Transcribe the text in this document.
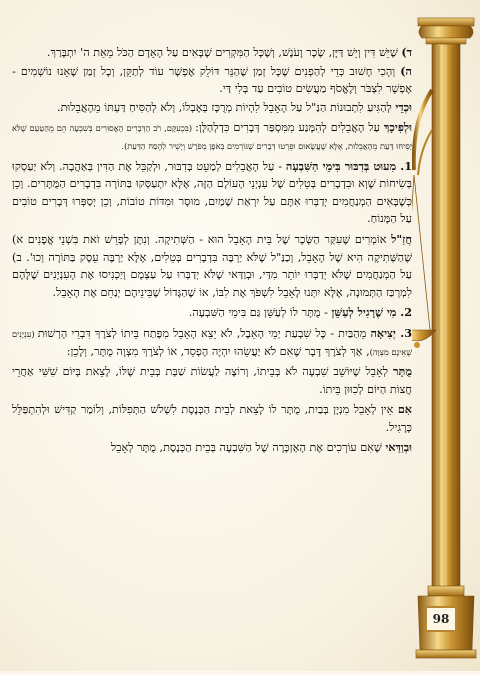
ד) שֶׁיֵּשׁ דִּין וְיֵשׁ דַּיָּן, שָׂכָר וָעֹנֶשׁ, וְשֶׁכָּל הַמִּקְרִים שֶׁבָּאִים עַל הָאָדָם הַכֹּל מֵאֵת ה' יִתְבָּרַךְ.

ה) וְהָכִי חָשׁוּב כְּדֵי לְהַפְנִים שֶׁכָּל זְמַן שֶׁהַנֵּר דּוֹלֵק אֶפְשָׁר עוֹד לְתַקֵּן, וְכָל זְמַן שֶׁאָנוּ נוֹשְׁמִים - אֶפְשָׁר לִצְבֹּר וְלֶאֱסֹף מַעֲשִׂים טוֹבִים עַד בְּלִי דַּי.

וּכְדֵי לְהַגִּיעַ לִתְבוּנוֹת הַנַּ"ל עַל הָאָבֵל לִהְיוֹת מְרֻכָּז בְּאֶבְלוֹ, וְלֹא לְהַסִּיחַ דַּעְתּוֹ מֵהָאֲבֵלוּת.

וּלְפִיכָךְ עַל הָאֲבֵלִים לְהִמָּנַע מִמִּסְפַּר דְּבָרִים כִּדְלְהַלָּן: (בִּכְעִקָּם, רֹב הַדְּבָרִים הָאֲסוּרִים בְּשִׁבְעָה הֵם מֵהַטַּעַם שֶׁלֹּא יַסִּיחוּ דַּעַת מֵהָאֲבֵלוּת, אֶלָּא שֶׁעֲשָׂאוּם וּפֵרְטוּ דְּבָרִים שֶׁגּוֹרְמִים בְּאֹפֶן מְפֹרָשׁ וְיָשִׁיר לְהֶסַּח הַדַּעַת).

1. מִעוּט בְּדִבּוּר בִּימֵי הַשִּׁבְעָה - עַל הָאֲבֵלִים לְמַעֵט בְּדִבּוּר, וּלְקַבֵּל אֶת הַדִּין בְּאַהֲבָה. וְלֹא יַעַסְקוּ בְּשִׂיחוֹת שָׁוְא וּבִדְבָרִים בְּטֵלִים שֶׁל עִנְיְנֵי הָעוֹלָם הַזֶּה, אֶלָּא יִתְעַסְּקוּ בַּתּוֹרָה בִּדְבָרִים הַמֻּתָּרִים. וְכֵן כְּשֶׁבָּאִים הַמְנַחֲמִים יְדַבְּרוּ אִתָּם עַל יִרְאַת שָׁמַיִם, מוּסָר וּמִדּוֹת טוֹבוֹת, וְכֵן יְסַפְּרוּ דְּבָרִים טוֹבִים עַל הַמָּנוֹחַ.

חֲזַ"ל אוֹמְרִים שֶׁעִקַּר הַשָּׂכָר שֶׁל בֵּית הָאָבֵל הוּא - הַשְּׁתִיקָה. וְנִתָּן לְפָרֵשׁ זֹאת בִּשְׁנֵי אֳפָנִים א) שֶׁהַשְּׁתִיקָה הִיא שֶׁל הָאָבֵל, וְכַנַּ"ל שֶׁלֹּא יַרְבֶּה בִּדְבָרִים בְּטֵלִים, אֶלָּא יַרְבֶּה עֵסֶק בַּתּוֹרָה וְכוּ'. ב) עַל הַמְנַחֲמִים שֶׁלֹּא יְדַבְּרוּ יוֹתֵר מִדַּי, וּבְוַדַּאי שֶׁלֹּא יְדַבְּרוּ עַל עַצְמָם וְיַכְנִיסוּ אֶת הָעִנְיָנִים שֶׁלָּהֶם לִמְרְכַּז הַתְּמוּנָה, אֶלָּא יִתְּנוּ לָאָבֵל לִשְׁפֹּךְ אֶת לִבּוֹ, אוֹ שֶׁהַגָּדוֹל שֶׁבֵּינֵיהֶם יְנַחֵם אֶת הָאָבֵל.

2. מִי שֶׁרָגִיל לְעַשֵּׁן - מֻתָּר לוֹ לְעַשֵּׁן גַּם בִּימֵי הַשִּׁבְעָה.

3. יְצִיאָה מֵהַבַּיִת - כָּל שִׁבְעַת יְמֵי הָאֵבֶל, לֹא יֵצֵא הָאָבֵל מִפֶּתַח בֵּיתוֹ לְצֹרֶךְ דִּבְרֵי הָרְשׁוּת (עִנְיָנִים שֶׁאֵינָם מִצְוָה), אַךְ לְצֹרֶךְ דָּבָר שֶׁאִם לֹא יַעֲשֵׂהוּ יִהְיֶה הֶפְסֵד, אוֹ לְצֹרֶךְ מִצְוָה מֻתָּר, וְלָכֵן:

מֻתָּר לְאָבֵל שֶׁיּוֹשֵׁב שִׁבְעָה לֹא בְּבֵיתוֹ, וְרוֹצֶה לַעֲשׂוֹת שַׁבָּת בְּבֵית שֶׁלּוֹ, לָצֵאת בְּיוֹם שִׁשִּׁי אַחֲרֵי חֲצוֹת הַיּוֹם לְכִוּוּן בֵּיתוֹ.

אִם אֵין לְאָבֵל מִנְיָן בְּבַיִת, מֻתָּר לוֹ לָצֵאת לְבֵית הַכְּנֶסֶת לִשְׁלֹשׁ הַתְּפִלּוֹת, וְלוֹמַר קַדִּישׁ וּלְהִתְפַּלֵּל כָּרָגִיל.

וּבְוַדַּאי שֶׁאִם עוֹרְכִים אֶת הָאַזְכָּרָה שֶׁל הַשִּׁבְעָה בְּבֵית הַכְּנֶסֶת, מֻתָּר לְאָבֵל

98
